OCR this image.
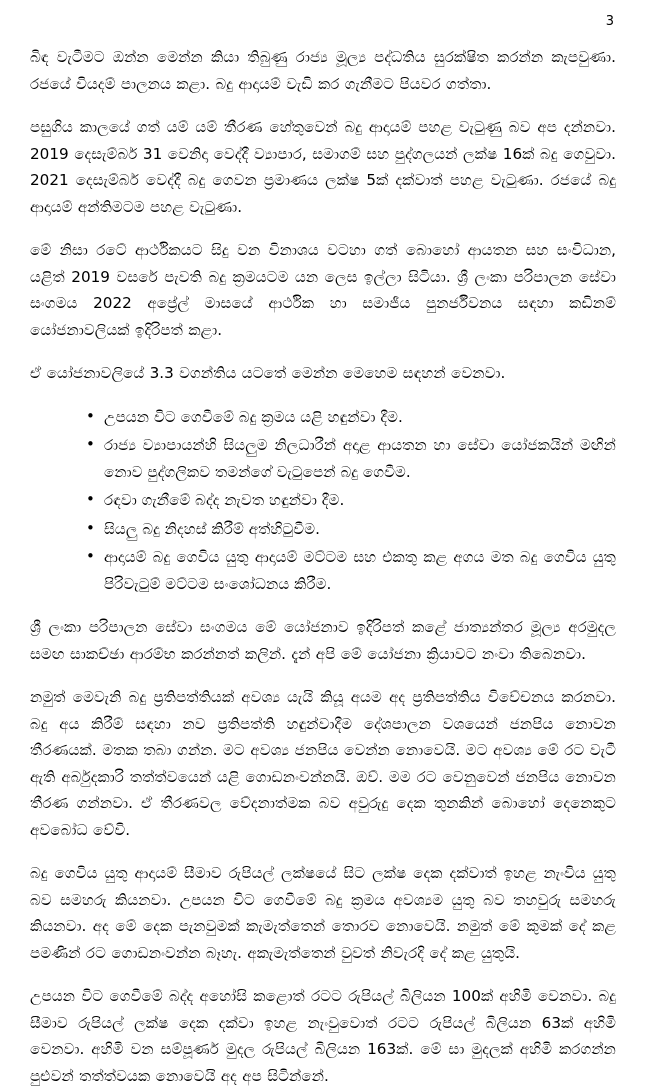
3

බිඳ වැටීමට ඔන්න මෙන්න කියා තිබුණු රාජ්‍ය මූල්‍ය පද්ධතිය සුරක්ෂිත කරන්න කැපවුණා. රජයේ වියදම් පාලනය කළා. බදු ආදායම් වැඩි කර ගැනීමට පියවර ගත්තා.

පසුගිය කාලයේ ගත් යම් යම් තීරණ හේතුවෙන් බදු ආදායම් පහළ වැටුණු බව අප දන්නවා. 2019 දෙසැම්බර් 31 වෙනිදා වෙද්දී ව්‍යාපාර, සමාගම් සහ පුද්ගලයන් ලක්ෂ 16ක් බදු ගෙවුවා. 2021 දෙසැම්බර් වෙද්දී බදු ගෙවන ප්‍රමාණය ලක්ෂ 5ක් දක්වාත් පහළ වැටුණා. රජයේ බදු ආදායම් අන්තිමටම පහළ වැටුණා.

මේ නිසා රටේ ආර්ථිකයට සිදු වන විනාශය වටහා ගත් බොහෝ ආයතන සහ සංවිධාන, යළිත් 2019 වසරේ පැවති බදු ක්‍රමයටම යන ලෙස ඉල්ලා සිටියා. ශ්‍රී ලංකා පරිපාලන සේවා සංගමය 2022 අප්‍රේල් මාසයේ ආර්ථික හා සමාජීය පුනර්ජීවනය සඳහා කඩිනම් යෝජනාවලියක් ඉදිරිපත් කළා.

ඒ යෝජනාවලියේ 3.3 වගන්තිය යටතේ මෙන්න මෙහෙම සඳහන් වෙනවා.

• උපයන විට ගෙවීමේ බදු ක්‍රමය යළි හඳුන්වා දීම.
• රාජ්‍ය ව්‍යාපායන්හි සියලුම නිලධාරීන් අදාළ ආයතන හා සේවා යෝජකයින් මඟින් නොව පුද්ගලිකව තමන්ගේ වැටුපෙන් බදු ගෙවීම.
• රඳවා ගැනීමේ බද්ද නැවත හඳුන්වා දීම.
• සියලු බදු නිදහස් කිරීම් අත්හිටුවීම.
• ආදායම් බදු ගෙවිය යුතු ආදායම් මට්ටම සහ එකතු කළ අගය මත බදු ගෙවිය යුතු පිරිවැටුම් මට්ටම සංශෝධනය කිරීම.

ශ්‍රී ලංකා පරිපාලන සේවා සංගමය මේ යෝජනාව ඉදිරිපත් කළේ ජාත්‍යන්තර මූල්‍ය අරමුදල සමඟ සාකච්ඡා ආරම්භ කරන්නත් කලින්. දැන් අපි මේ යෝජනා ක්‍රියාවට නංවා තිබෙනවා.

නමුත් මෙවැනි බදු ප්‍රතිපත්තියක් අවශ්‍ය යැයි කියූ අයම අද ප්‍රතිපත්තිය විවේචනය කරනවා. බදු අය කිරීම් සඳහා නව ප්‍රතිපත්ති හඳුන්වාදීම දේශපාලන වශයෙන් ජනපිය නොවන තීරණයක්. මතක තබා ගන්න. මට අවශ්‍ය ජනපිය වෙන්න නොවෙයි. මට අවශ්‍ය මේ රට වැටී ඇති අර්බුදකාරි තත්ත්වයෙන් යළි ගොඩනංවන්නයි. ඔව්. මම රට වෙනුවෙන් ජනපිය නොවන තීරණ ගන්නවා. ඒ තීරණවල වේදනාත්මක බව අවුරුදු දෙක තුනකින් බොහෝ දෙනෙකුට අවබෝධ වේවි.

බදු ගෙවිය යුතු ආදායම් සීමාව රුපියල් ලක්ෂයේ සිට ලක්ෂ දෙක දක්වාත් ඉහළ නැංවිය යුතු බව සමහරු කියනවා. උපයන විට ගෙවීමේ බදු ක්‍රමය අවශ්‍යම යුතු බව තහවුරු සමහරු කියනවා. අද මේ දෙක පැනවුමක් කැමැත්තෙන් තොරව නොවෙයි. නමුත් මේ කුමක් දේ කළ පමණින් රට ගොඩනංවන්න බෑහැ. අකැමැත්තෙන් වුවත් නිවැරදි දේ කළ යුතුයි.

උපයන විට ගෙවීමේ බද්ද අහෝසි කළොත් රටට රුපියල් බිලියන 100ක් අහිමි වෙනවා. බදු සීමාව රුපියල් ලක්ෂ දෙක දක්වා ඉහළ නැංවුවොත් රටට රුපියල් බිලියන 63ක් අහිමි වෙනවා. අහිමි වන සම්පූර්ණ මුදල රුපියල් බිලියන 163ක්. මේ සා මුදලක් අහිමි කරගන්න පුළුවන් තත්ත්වයක නොවෙයි අද අප සිටින්නේ.
